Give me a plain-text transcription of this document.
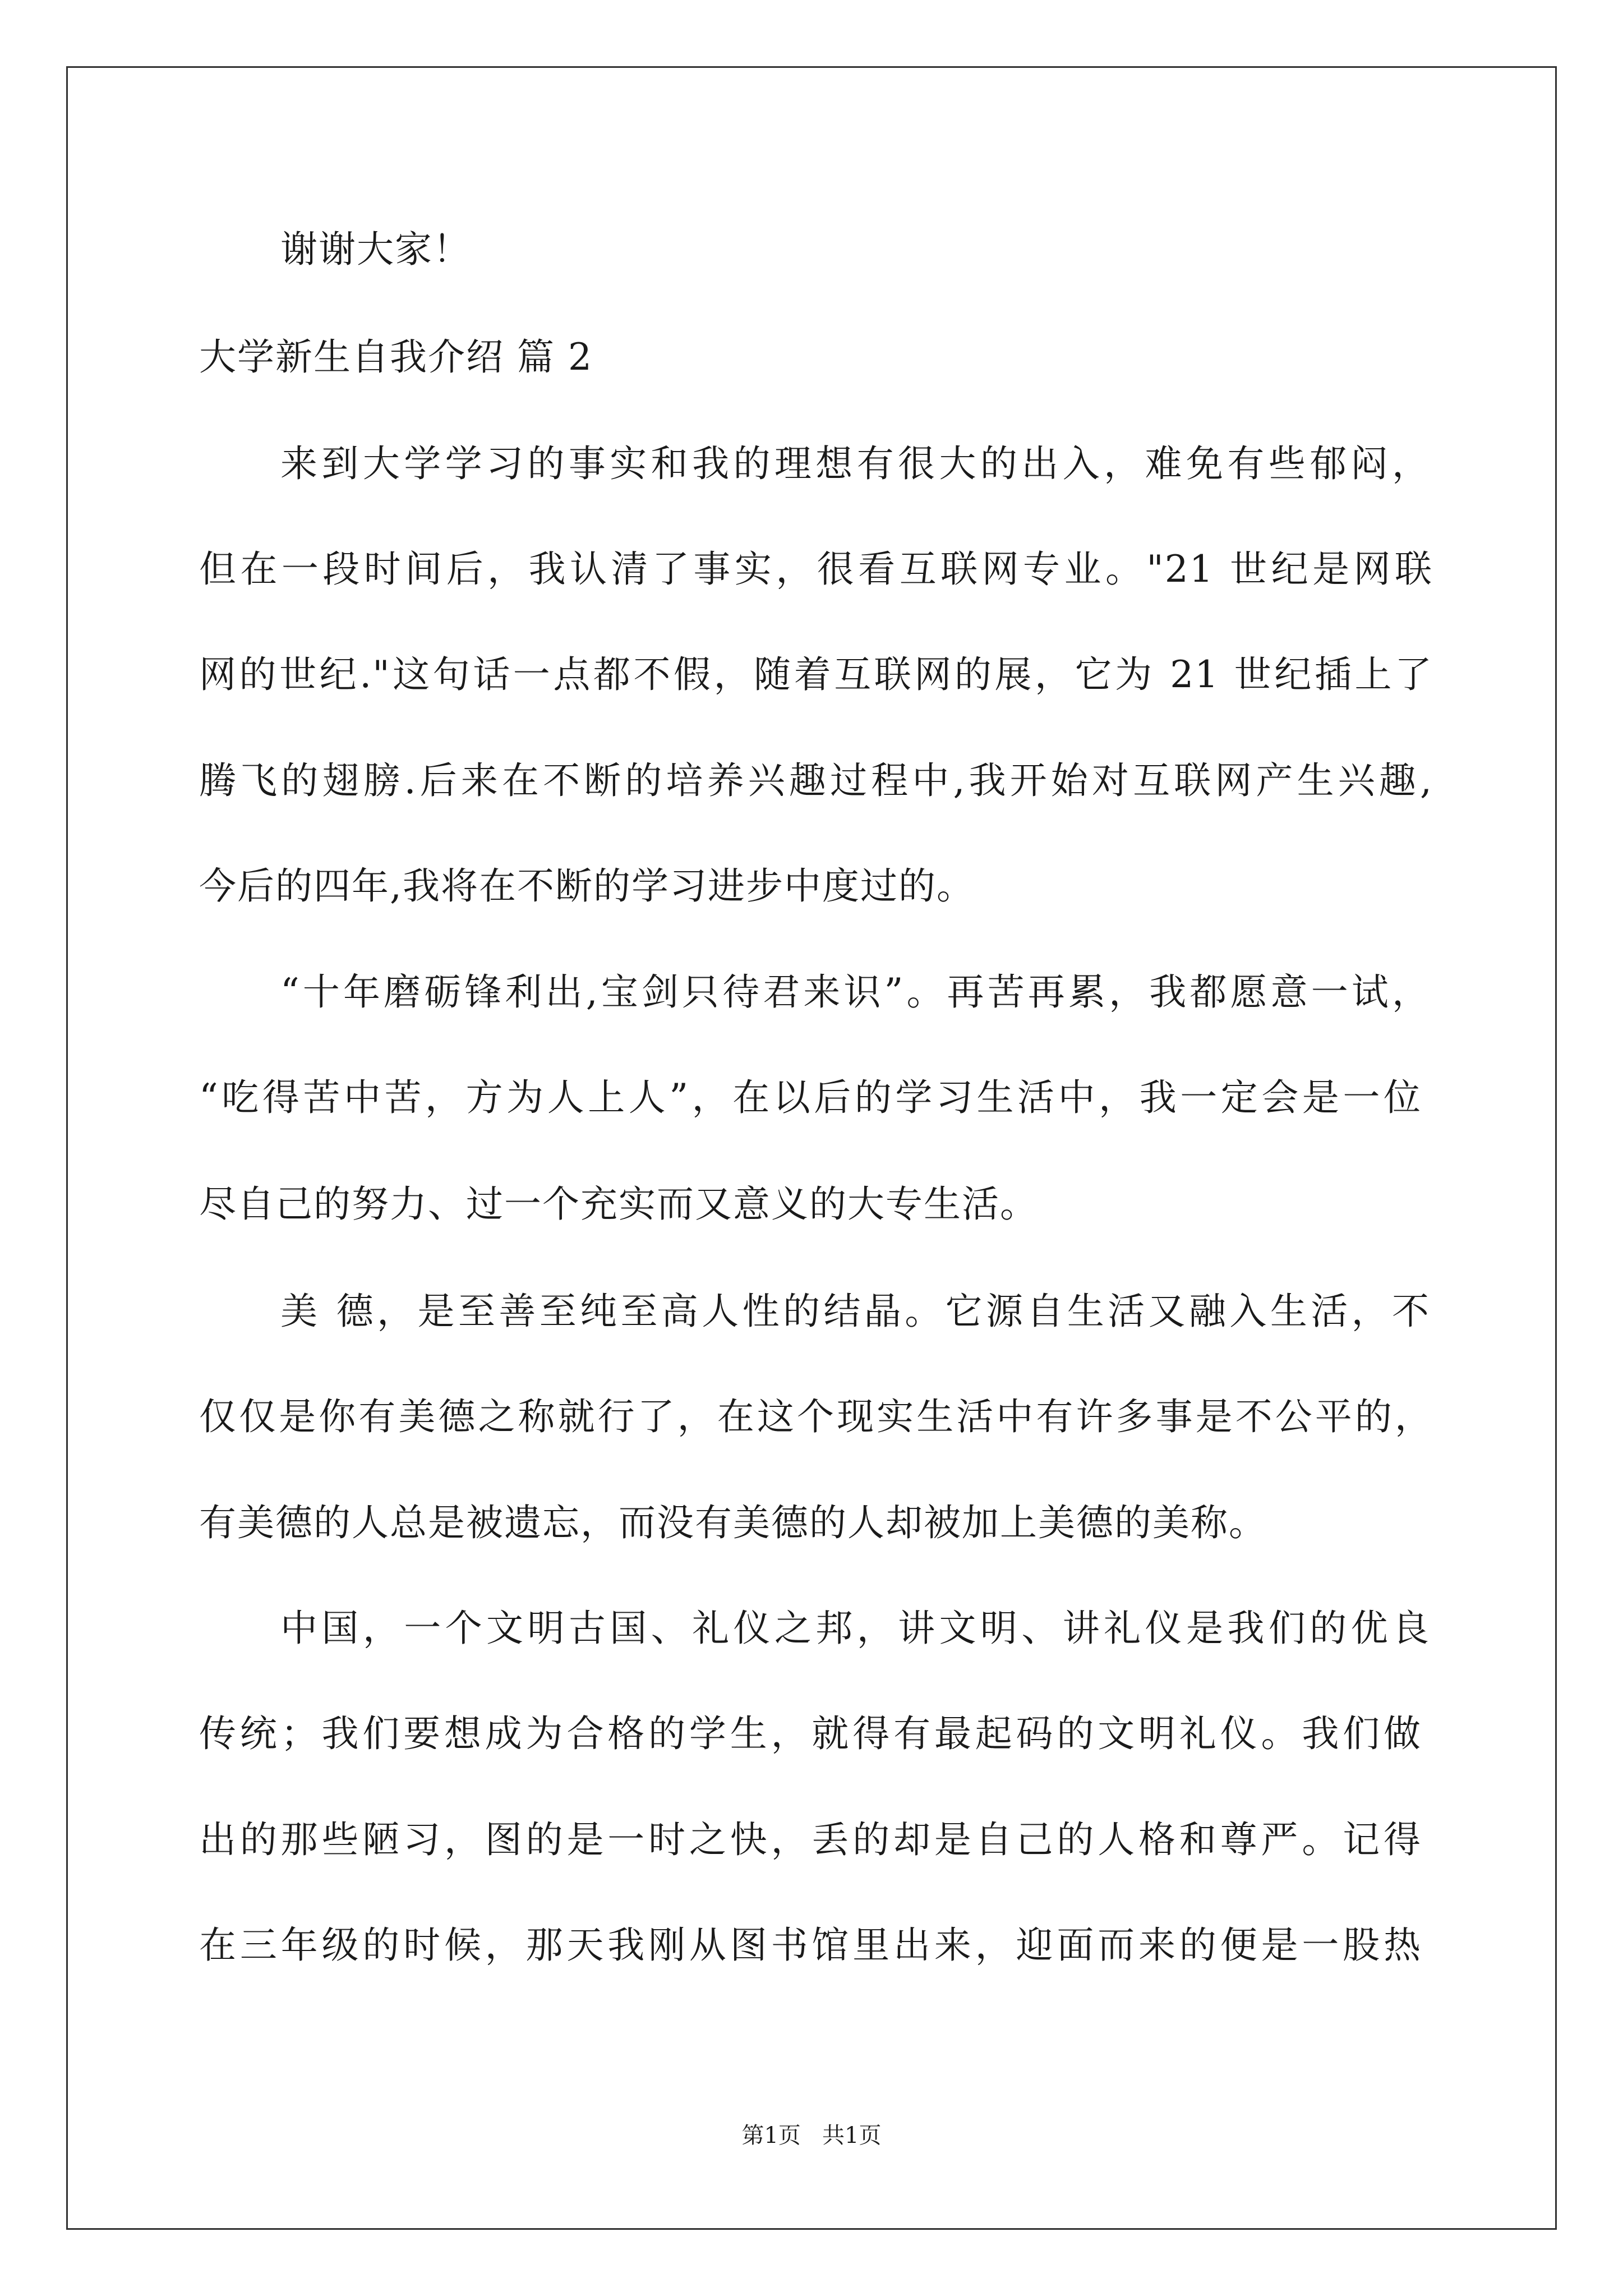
谢谢大家！
大学新生自我介绍 篇 2
来到大学学习的事实和我的理想有很大的出入，难免有些郁闷，
但在一段时间后，我认清了事实，很看互联网专业。"21 世纪是网联
网的世纪."这句话一点都不假，随着互联网的展，它为 21 世纪插上了
腾飞的翅膀.后来在不断的培养兴趣过程中,我开始对互联网产生兴趣,
今后的四年,我将在不断的学习进步中度过的。
“十年磨砺锋利出,宝剑只待君来识”。再苦再累，我都愿意一试，
“吃得苦中苦，方为人上人”，在以后的学习生活中，我一定会是一位
尽自己的努力、过一个充实而又意义的大专生活。
美 德，是至善至纯至高人性的结晶。它源自生活又融入生活，不
仅仅是你有美德之称就行了，在这个现实生活中有许多事是不公平的，
有美德的人总是被遗忘，而没有美德的人却被加上美德的美称。
中国，一个文明古国、礼仪之邦，讲文明、讲礼仪是我们的优良
传统；我们要想成为合格的学生，就得有最起码的文明礼仪。我们做
出的那些陋习，图的是一时之快，丢的却是自己的人格和尊严。记得
在三年级的时候，那天我刚从图书馆里出来，迎面而来的便是一股热
第1页   共1页
